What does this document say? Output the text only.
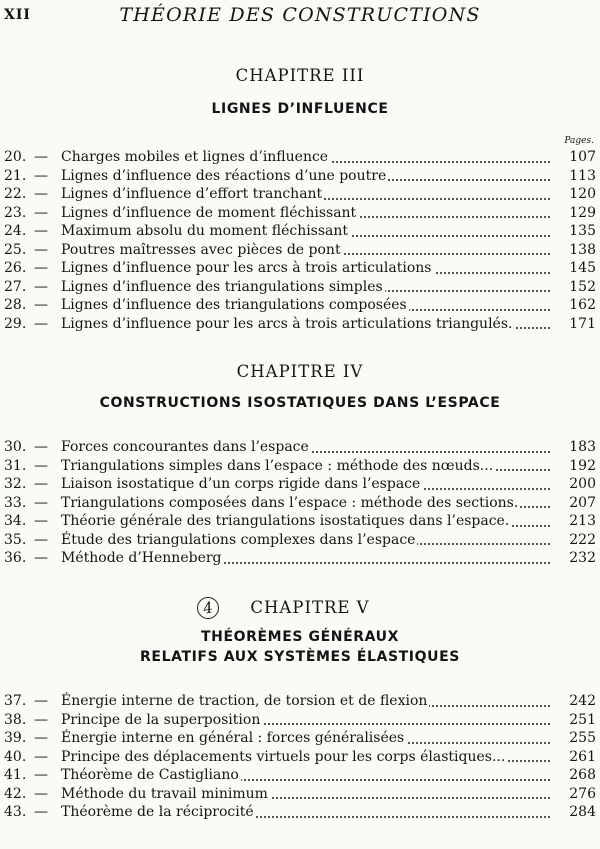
XII	THÉORIE DES CONSTRUCTIONS

CHAPITRE III

LIGNES D’INFLUENCE

Pages.
20. — Charges mobiles et lignes d’influence	107
21. — Lignes d’influence des réactions d’une poutre	113
22. — Lignes d’influence d’effort tranchant	120
23. — Lignes d’influence de moment fléchissant	129
24. — Maximum absolu du moment fléchissant	135
25. — Poutres maîtresses avec pièces de pont	138
26. — Lignes d’influence pour les arcs à trois articulations	145
27. — Lignes d’influence des triangulations simples	152
28. — Lignes d’influence des triangulations composées	162
29. — Lignes d’influence pour les arcs à trois articulations triangulés.	171

CHAPITRE IV

CONSTRUCTIONS ISOSTATIQUES DANS L’ESPACE

30. — Forces concourantes dans l’espace	183
31. — Triangulations simples dans l’espace : méthode des nœuds...	192
32. — Liaison isostatique d’un corps rigide dans l’espace	200
33. — Triangulations composées dans l’espace : méthode des sections.	207
34. — Théorie générale des triangulations isostatiques dans l’espace.	213
35. — Étude des triangulations complexes dans l’espace	222
36. — Méthode d’Henneberg	232
4	CHAPITRE V

THÉORÈMES GÉNÉRAUX

RELATIFS AUX SYSTÈMES ÉLASTIQUES

37. — Énergie interne de traction, de torsion et de flexion	242
38. — Principe de la superposition	251
39. — Énergie interne en général : forces généralisées	255
40. — Principe des déplacements virtuels pour les corps élastiques...	261
41. — Théorème de Castigliano	268
42. — Méthode du travail minimum	276
43. — Théorème de la réciprocité	284
